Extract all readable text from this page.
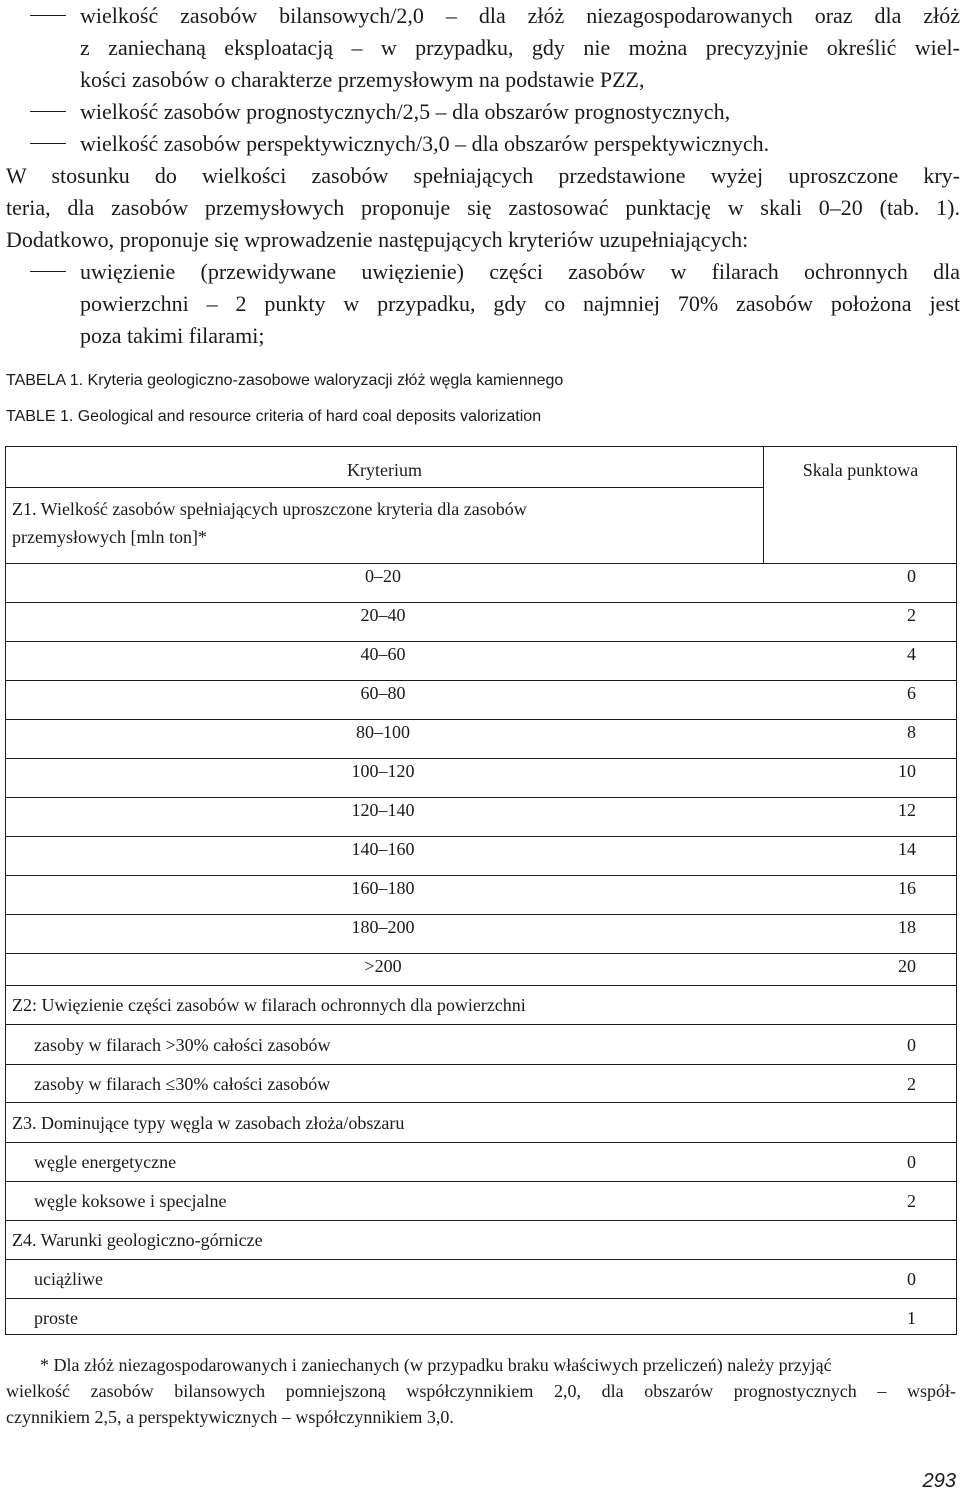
wielkość zasobów bilansowych/2,0 – dla złóż niezagospodarowanych oraz dla złóż
z zaniechaną eksploatacją – w przypadku, gdy nie można precyzyjnie określić wiel-
kości zasobów o charakterze przemysłowym na podstawie PZZ,
wielkość zasobów prognostycznych/2,5 – dla obszarów prognostycznych,
wielkość zasobów perspektywicznych/3,0 – dla obszarów perspektywicznych.
W stosunku do wielkości zasobów spełniających przedstawione wyżej uproszczone kry-
teria, dla zasobów przemysłowych proponuje się zastosować punktację w skali 0–20 (tab. 1).
Dodatkowo, proponuje się wprowadzenie następujących kryteriów uzupełniających:
uwięzienie (przewidywane uwięzienie) części zasobów w filarach ochronnych dla
powierzchni – 2 punkty w przypadku, gdy co najmniej 70% zasobów położona jest
poza takimi filarami;
TABELA 1. Kryteria geologiczno-zasobowe waloryzacji złóż węgla kamiennego
TABLE 1. Geological and resource criteria of hard coal deposits valorization
Kryterium	Skala punktowa
Z1. Wielkość zasobów spełniających uproszczone kryteria dla zasobów
przemysłowych [mln ton]*
0–20	0
20–40	2
40–60	4
60–80	6
80–100	8
100–120	10
120–140	12
140–160	14
160–180	16
180–200	18
>200	20
Z2: Uwięzienie części zasobów w filarach ochronnych dla powierzchni
zasoby w filarach >30% całości zasobów	0
zasoby w filarach ≤30% całości zasobów	2
Z3. Dominujące typy węgla w zasobach złoża/obszaru
węgle energetyczne	0
węgle koksowe i specjalne	2
Z4. Warunki geologiczno-górnicze
uciążliwe	0
proste	1
* Dla złóż niezagospodarowanych i zaniechanych (w przypadku braku właściwych przeliczeń) należy przyjąć
wielkość zasobów bilansowych pomniejszoną współczynnikiem 2,0, dla obszarów prognostycznych – współ-
czynnikiem 2,5, a perspektywicznych – współczynnikiem 3,0.
293
